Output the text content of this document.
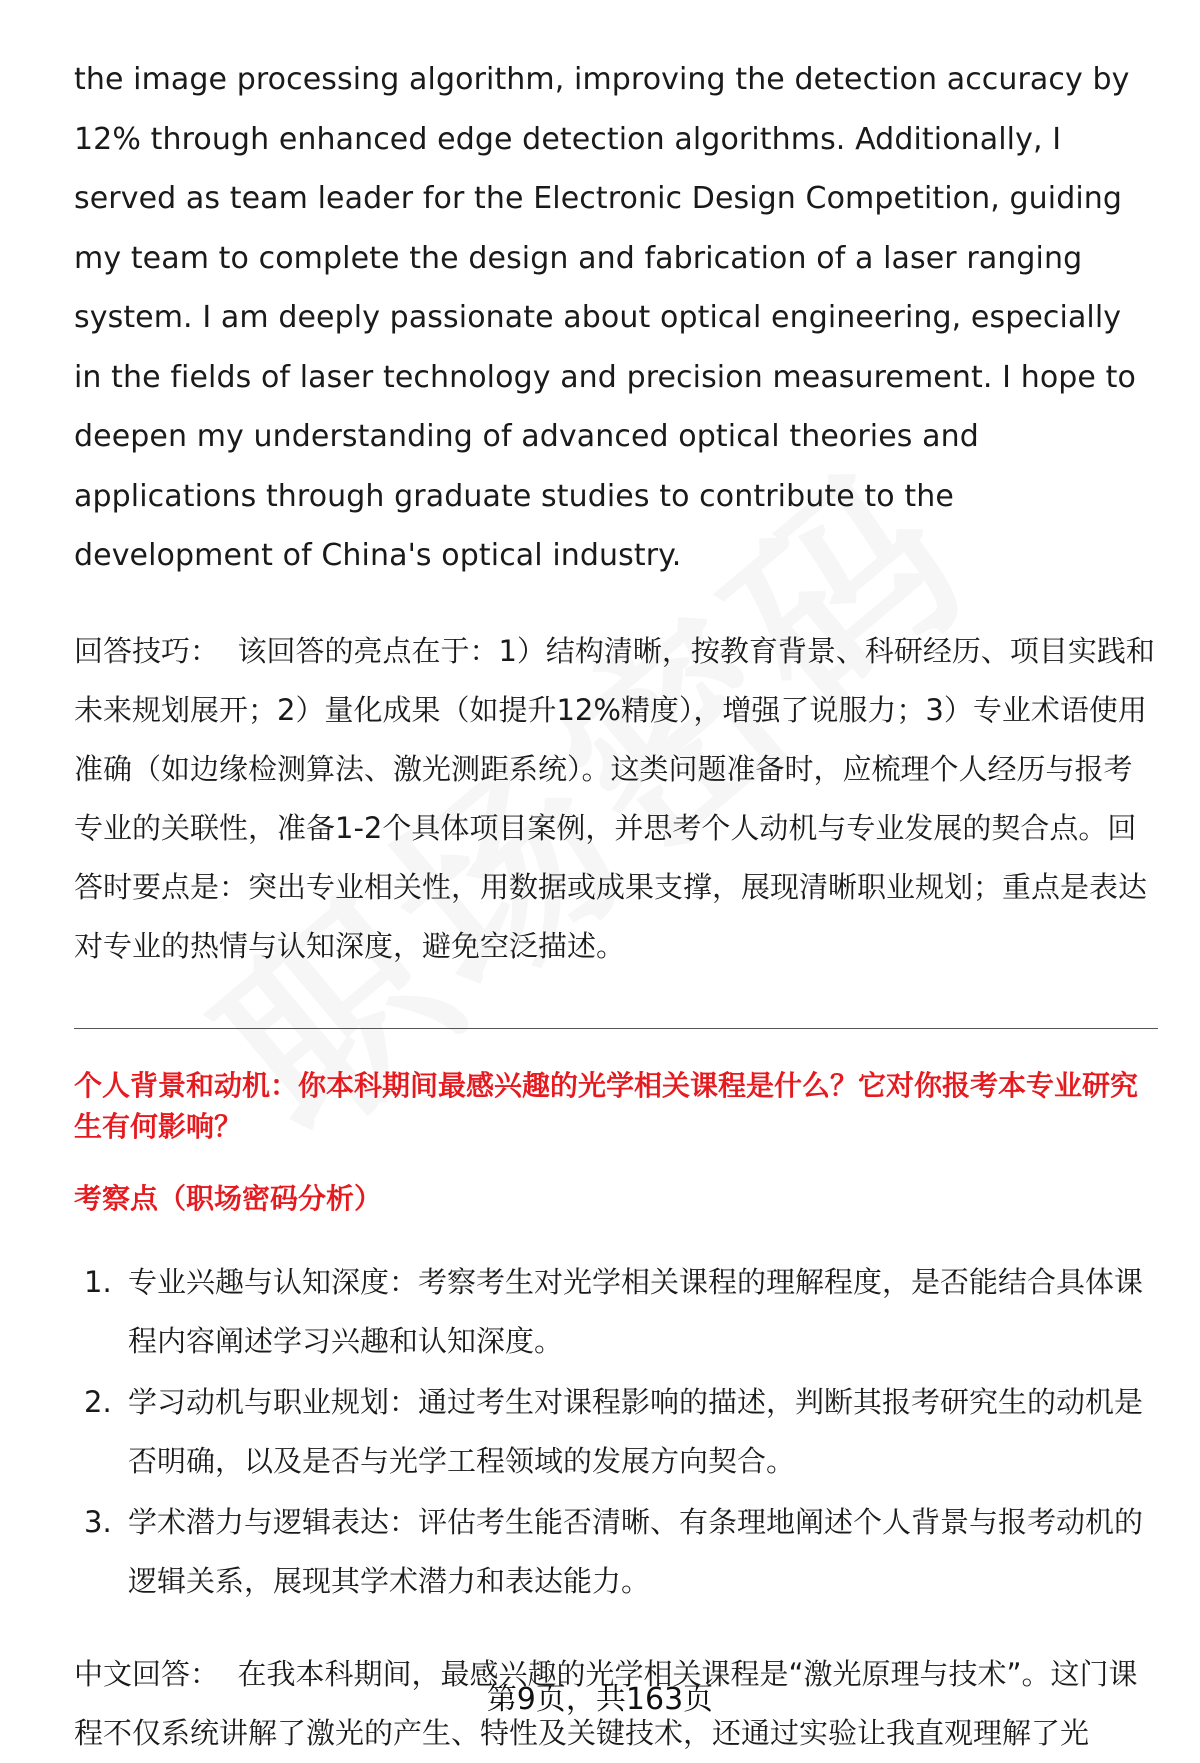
the image processing algorithm, improving the detection accuracy by 12% through enhanced edge detection algorithms. Additionally, I served as team leader for the Electronic Design Competition, guiding my team to complete the design and fabrication of a laser ranging system. I am deeply passionate about optical engineering, especially in the fields of laser technology and precision measurement. I hope to deepen my understanding of advanced optical theories and applications through graduate studies to contribute to the development of China's optical industry.

回答技巧： 该回答的亮点在于：1）结构清晰，按教育背景、科研经历、项目实践和未来规划展开；2）量化成果（如提升12%精度），增强了说服力；3）专业术语使用准确（如边缘检测算法、激光测距系统）。这类问题准备时，应梳理个人经历与报考专业的关联性，准备1-2个具体项目案例，并思考个人动机与专业发展的契合点。回答时要点是：突出专业相关性，用数据或成果支撑，展现清晰职业规划；重点是表达对专业的热情与认知深度，避免空泛描述。

个人背景和动机：你本科期间最感兴趣的光学相关课程是什么？它对你报考本专业研究生有何影响？

考察点（职场密码分析）

1. 专业兴趣与认知深度：考察考生对光学相关课程的理解程度，是否能结合具体课程内容阐述学习兴趣和认知深度。
2. 学习动机与职业规划：通过考生对课程影响的描述，判断其报考研究生的动机是否明确，以及是否与光学工程领域的发展方向契合。
3. 学术潜力与逻辑表达：评估考生能否清晰、有条理地阐述个人背景与报考动机的逻辑关系，展现其学术潜力和表达能力。

中文回答： 在我本科期间，最感兴趣的光学相关课程是“激光原理与技术”。这门课程不仅系统讲解了激光的产生、特性及关键技术，还通过实验让我直观理解了光

第9页，共163页
